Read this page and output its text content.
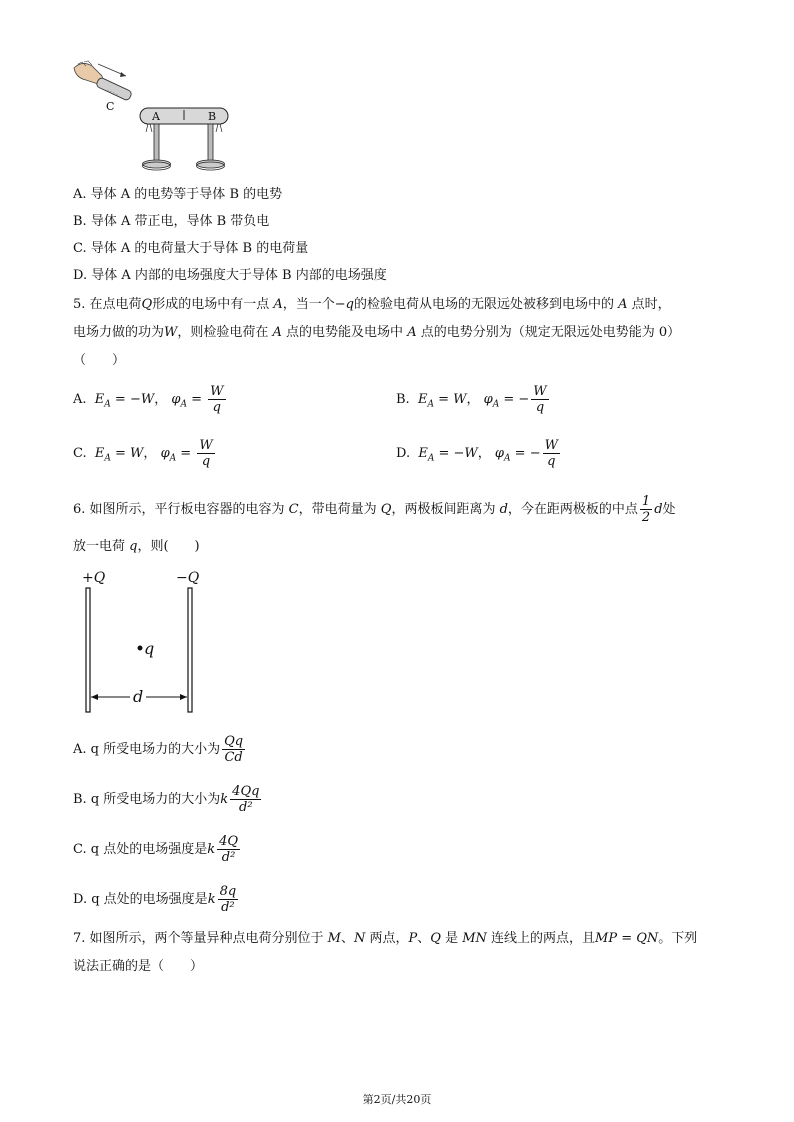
- - - -
C
A	B
A. 导体 A 的电势等于导体 B 的电势
B. 导体 A 带正电，导体 B 带负电
C. 导体 A 的电荷量大于导体 B 的电荷量
D. 导体 A 内部的电场强度大于导体 B 内部的电场强度
5. 在点电荷Q形成的电场中有一点 A，当一个−q的检验电荷从电场的无限远处被移到电场中的 A 点时，
电场力做的功为W，则检验电荷在 A 点的电势能及电场中 A 点的电势分别为（规定无限远处电势能为 0）
（　　）
A. $E_A = -W$， $\varphi_A = \frac{W}{q}$	B. $E_A = W$， $\varphi_A$ = − $\frac{W}{q}$
C. $E_A = W$， $\varphi_A = \frac{W}{q}$	D. $E_A = -W$， $\varphi_A$ = − $\frac{W}{q}$
6. 如图所示，平行板电容器的电容为 C，带电荷量为 Q，两极板间距离为 d，今在距两极板的中点 $\frac{1}{2}$ d处
放一电荷 q，则(　　)
+Q	−Q
q
d
A. q 所受电场力的大小为 $\frac{Qq}{Cd}$
B. q 所受电场力的大小为k $\frac{4Qq}{\text{d²}}$
C. q 点处的电场强度是k $\frac{4Q}{\text{d²}}$
D. q 点处的电场强度是k $\frac{8q}{\text{d²}}$
7. 如图所示，两个等量异种点电荷分别位于 M、N 两点，P、Q 是 MN 连线上的两点，且MP = QN。下列
说法正确的是（　　）
第2页/共20页
